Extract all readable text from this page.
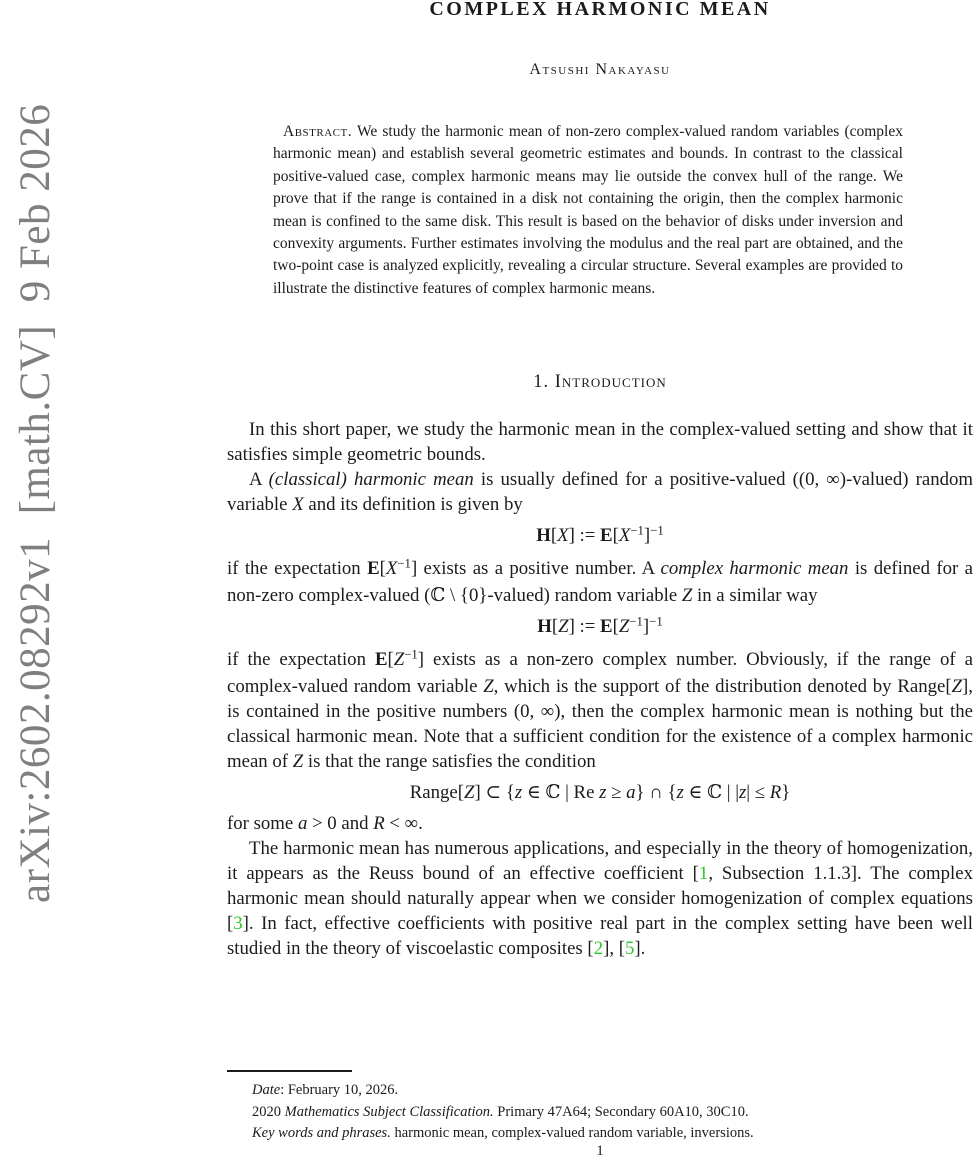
arXiv:2602.08292v1  [math.CV]  9 Feb 2026
COMPLEX HARMONIC MEAN
Atsushi Nakayasu
Abstract. We study the harmonic mean of non-zero complex-valued random variables (complex harmonic mean) and establish several geometric estimates and bounds. In contrast to the classical positive-valued case, complex harmonic means may lie outside the convex hull of the range. We prove that if the range is contained in a disk not containing the origin, then the complex harmonic mean is confined to the same disk. This result is based on the behavior of disks under inversion and convexity arguments. Further estimates involving the modulus and the real part are obtained, and the two-point case is analyzed explicitly, revealing a circular structure. Several examples are provided to illustrate the distinctive features of complex harmonic means.
1. Introduction

In this short paper, we study the harmonic mean in the complex-valued setting and show that it satisfies simple geometric bounds.

A (classical) harmonic mean is usually defined for a positive-valued ((0, ∞)-valued) random variable X and its definition is given by

H[X] := E[X−1]−1

if the expectation E[X−1] exists as a positive number. A complex harmonic mean is defined for a non-zero complex-valued (ℂ \ {0}-valued) random variable Z in a similar way

H[Z] := E[Z−1]−1

if the expectation E[Z−1] exists as a non-zero complex number. Obviously, if the range of a complex-valued random variable Z, which is the support of the distribution denoted by Range[Z], is contained in the positive numbers (0, ∞), then the complex harmonic mean is nothing but the classical harmonic mean. Note that a sufficient condition for the existence of a complex harmonic mean of Z is that the range satisfies the condition

Range[Z] ⊂ {z ∈ ℂ | Re z ≥ a} ∩ {z ∈ ℂ | |z| ≤ R}

for some a > 0 and R < ∞.

The harmonic mean has numerous applications, and especially in the theory of homogenization, it appears as the Reuss bound of an effective coefficient [1, Subsection 1.1.3]. The complex harmonic mean should naturally appear when we consider homogenization of complex equations [3]. In fact, effective coefficients with positive real part in the complex setting have been well studied in the theory of viscoelastic composites [2], [5].

Date: February 10, 2026.

2020 Mathematics Subject Classification. Primary 47A64; Secondary 60A10, 30C10.

Key words and phrases. harmonic mean, complex-valued random variable, inversions.

1
